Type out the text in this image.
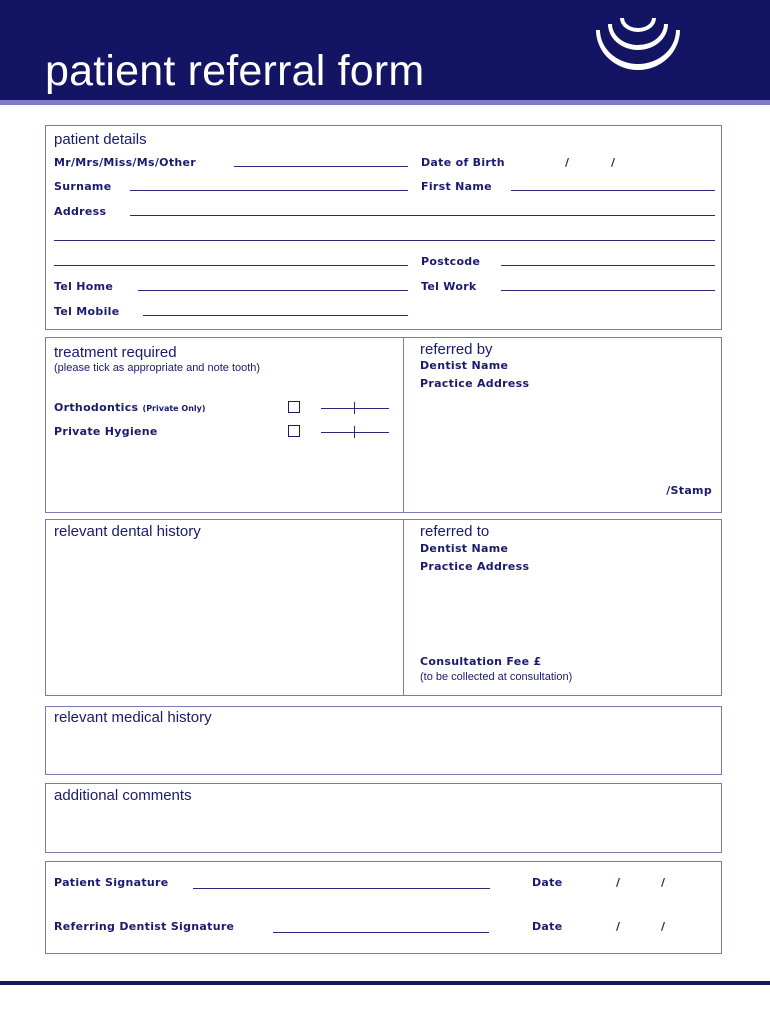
patient referral form
patient details
Mr/Mrs/Miss/Ms/Other	Date of Birth	/	/
Surname	First Name
Address
Postcode
Tel Home	Tel Work
Tel Mobile
treatment required
(please tick as appropriate and note tooth)
Orthodontics (Private Only)
Private Hygiene
referred by
Dentist Name
Practice Address
/Stamp
relevant dental history	referred to
Dentist Name
Practice Address
Consultation Fee £
(to be collected at consultation)
relevant medical history
additional comments
Patient Signature	Date	/	/
Referring Dentist Signature	Date	/	/
